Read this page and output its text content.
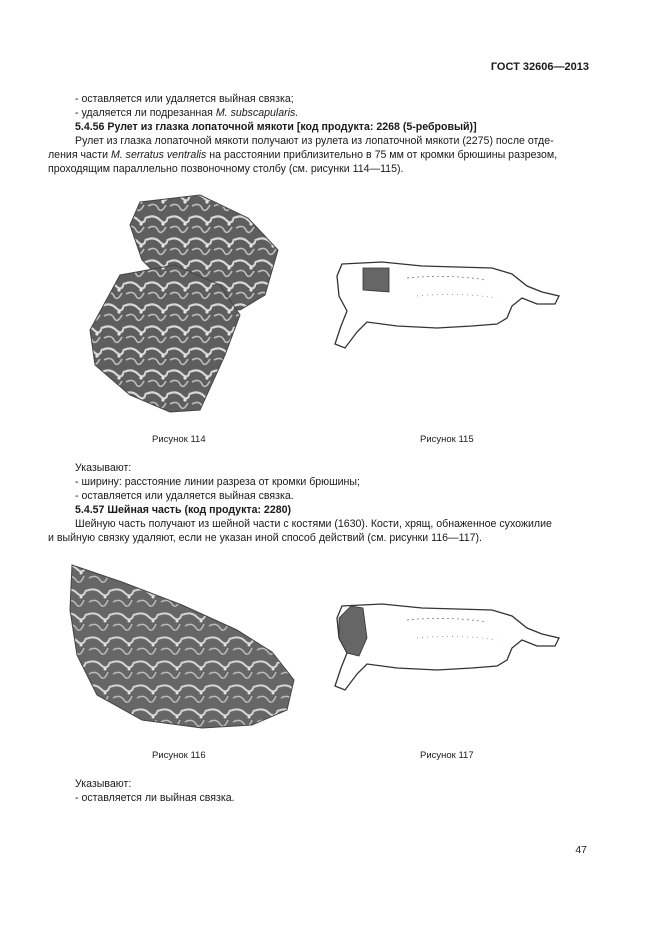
ГОСТ 32606—2013
- оставляется или удаляется выйная связка;
- удаляется ли подрезанная M. subscapularis.
5.4.56 Рулет из глазка лопаточной мякоти [код продукта: 2268 (5-ребровый)]
Рулет из глазка лопаточной мякоти получают из рулета из лопаточной мякоти (2275) после отде-
ления части M. serratus ventralis на расстоянии приблизительно в 75 мм от кромки брюшины разрезом,
проходящим параллельно позвоночному столбу (см. рисунки 114—115).
Рисунок 114	Рисунок 115
Указывают:
- ширину: расстояние линии разреза от кромки брюшины;
- оставляется или удаляется выйная связка.
5.4.57 Шейная часть (код продукта: 2280)
Шейную часть получают из шейной части с костями (1630). Кости, хрящ, обнаженное сухожилие
и выйную связку удаляют, если не указан иной способ действий (см. рисунки 116—117).
Рисунок 116	Рисунок 117
Указывают:
- оставляется ли выйная связка.
47
